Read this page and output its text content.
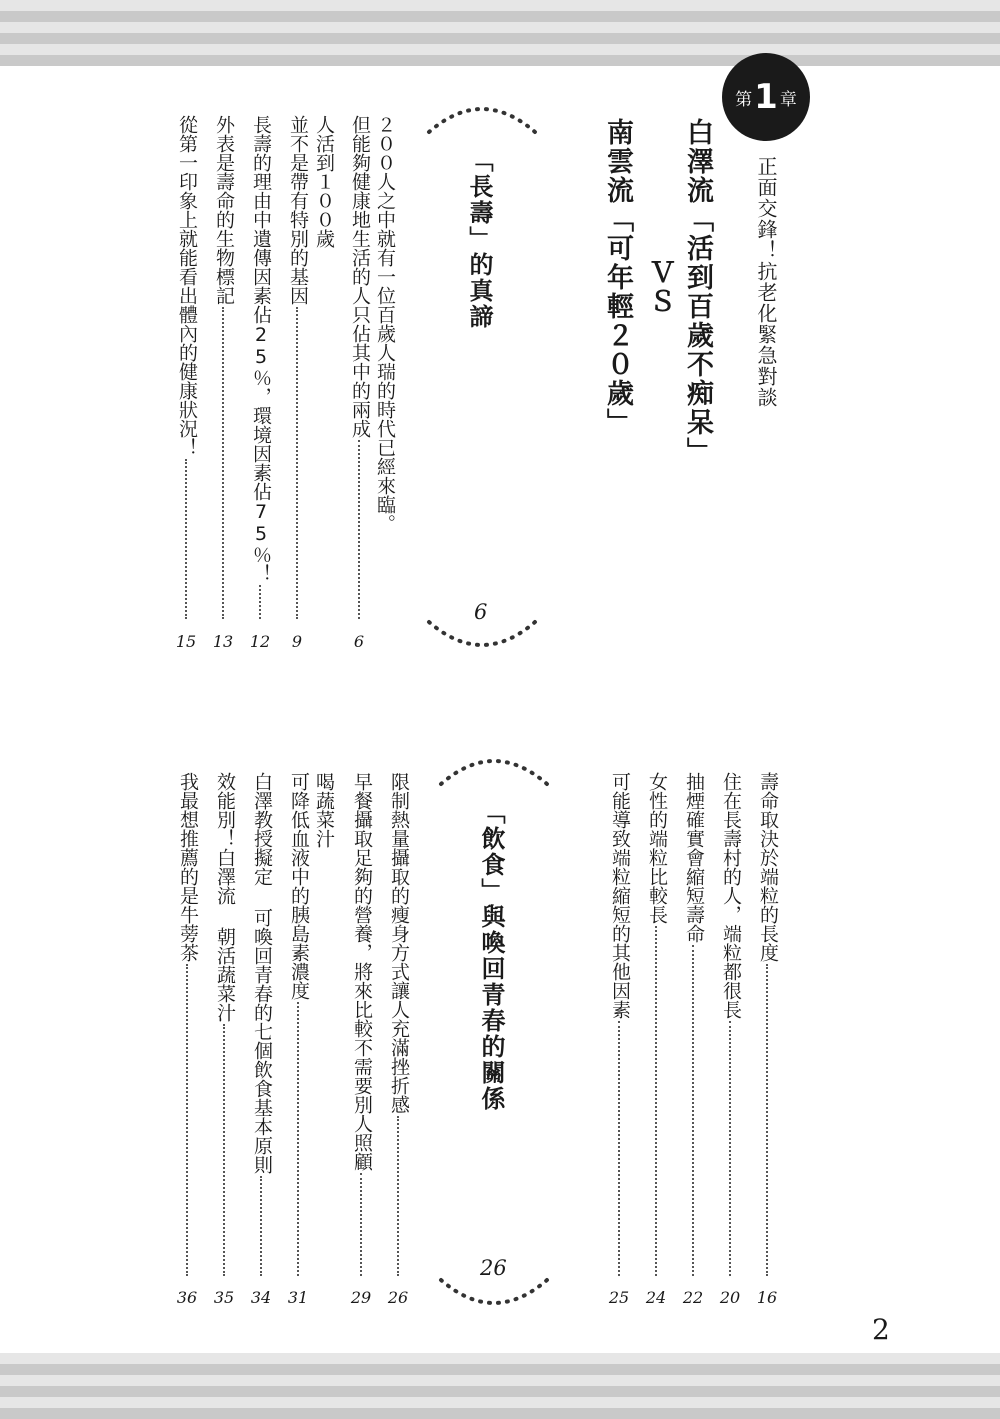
第 1 章
正面交鋒！抗老化緊急對談
白澤流「活到百歲不痴呆」
ＶＳ
南雲流「可年輕２０歲」
「長壽」的真諦
6
２００人之中就有一位百歲人瑞的時代已經來臨。
但能夠健康地生活的人只佔其中的兩成
6
人活到１００歲
並不是帶有特別的基因
9
長壽的理由中遺傳因素佔25％，環境因素佔75％！
12
外表是壽命的生物標記
13
從第一印象上就能看出體內的健康狀況！
15
壽命取決於端粒的長度
16
住在長壽村的人，端粒都很長
20
抽煙確實會縮短壽命
22
女性的端粒比較長
24
可能導致端粒縮短的其他因素
25
「飲食」與喚回青春的關係
26
限制熱量攝取的瘦身方式讓人充滿挫折感
26
早餐攝取足夠的營養，將來比較不需要別人照顧
29
喝蔬菜汁
可降低血液中的胰島素濃度
31
白澤教授擬定 可喚回青春的七個飲食基本原則
34
效能別！白澤流 朝活蔬菜汁
35
我最想推薦的是牛蒡茶
36
2
